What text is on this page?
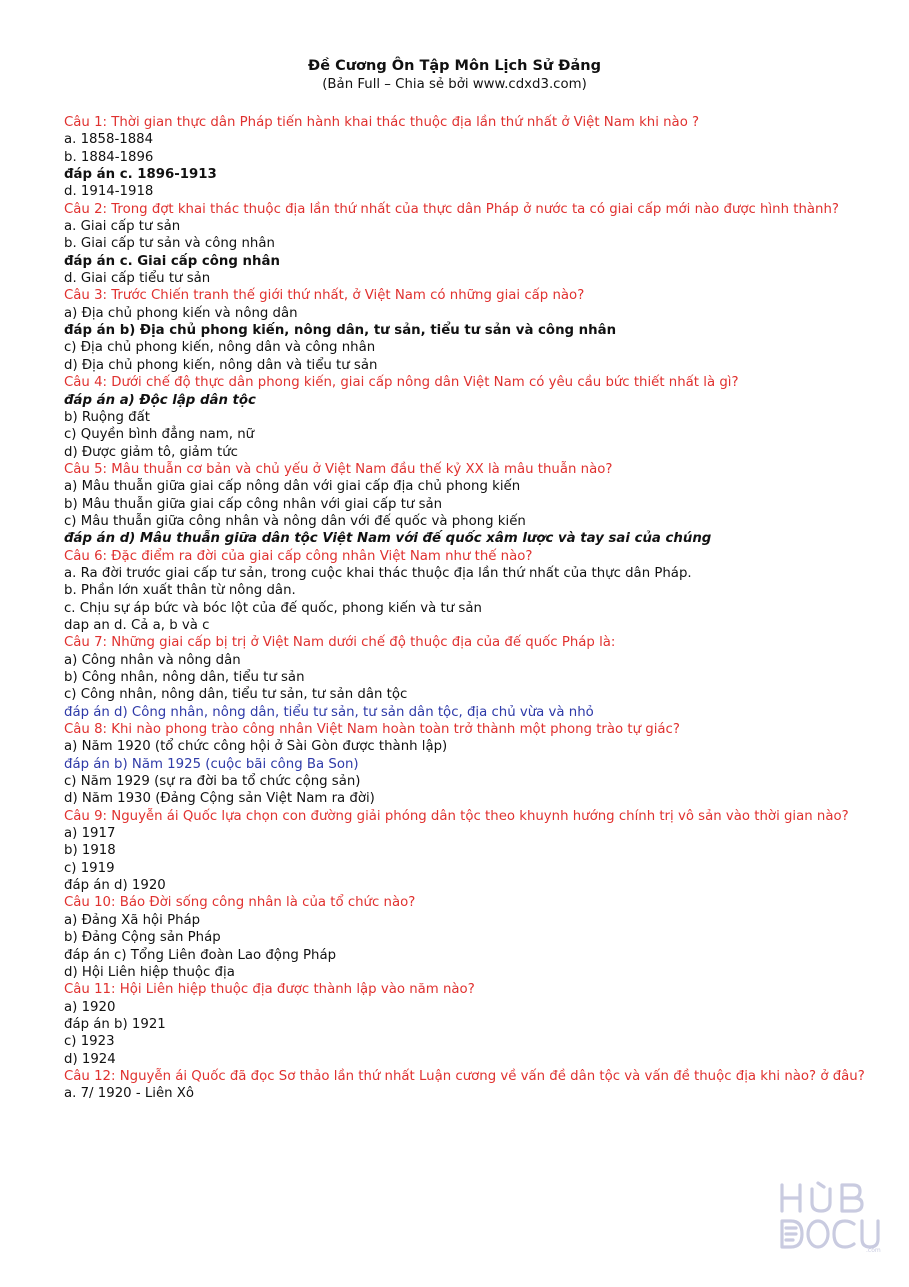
Đề Cương Ôn Tập Môn Lịch Sử Đảng
(Bản Full – Chia sẻ bởi www.cdxd3.com)
Câu 1: Thời gian thực dân Pháp tiến hành khai thác thuộc địa lần thứ nhất ở Việt Nam khi nào ?
a. 1858-1884
b. 1884-1896
đáp án c. 1896-1913
d. 1914-1918
Câu 2: Trong đợt khai thác thuộc địa lần thứ nhất của thực dân Pháp ở nước ta có giai cấp mới nào được hình thành?
a. Giai cấp tư sản
b. Giai cấp tư sản và công nhân
đáp án c. Giai cấp công nhân
d. Giai cấp tiểu tư sản
Câu 3: Trước Chiến tranh thế giới thứ nhất, ở Việt Nam có những giai cấp nào?
a) Địa chủ phong kiến và nông dân
đáp án b) Địa chủ phong kiến, nông dân, tư sản, tiểu tư sản và công nhân
c) Địa chủ phong kiến, nông dân và công nhân
d) Địa chủ phong kiến, nông dân và tiểu tư sản
Câu 4: Dưới chế độ thực dân phong kiến, giai cấp nông dân Việt Nam có yêu cầu bức thiết nhất là gì?
đáp án a) Độc lập dân tộc
b) Ruộng đất
c) Quyền bình đẳng nam, nữ
d) Được giảm tô, giảm tức
Câu 5: Mâu thuẫn cơ bản và chủ yếu ở Việt Nam đầu thế kỷ XX là mâu thuẫn nào?
a) Mâu thuẫn giữa giai cấp nông dân với giai cấp địa chủ phong kiến
b) Mâu thuẫn giữa giai cấp công nhân với giai cấp tư sản
c) Mâu thuẫn giữa công nhân và nông dân với đế quốc và phong kiến
đáp án d) Mâu thuẫn giữa dân tộc Việt Nam với đế quốc xâm lược và tay sai của chúng
Câu 6: Đặc điểm ra đời của giai cấp công nhân Việt Nam như thế nào?
a. Ra đời trước giai cấp tư sản, trong cuộc khai thác thuộc địa lần thứ nhất của thực dân Pháp.
b. Phần lớn xuất thân từ nông dân.
c. Chịu sự áp bức và bóc lột của đế quốc, phong kiến và tư sản
dap an d. Cả a, b và c
Câu 7: Những giai cấp bị trị ở Việt Nam dưới chế độ thuộc địa của đế quốc Pháp là:
a) Công nhân và nông dân
b) Công nhân, nông dân, tiểu tư sản
c) Công nhân, nông dân, tiểu tư sản, tư sản dân tộc
đáp án d) Công nhân, nông dân, tiểu tư sản, tư sản dân tộc, địa chủ vừa và nhỏ
Câu 8: Khi nào phong trào công nhân Việt Nam hoàn toàn trở thành một phong trào tự giác?
a) Năm 1920 (tổ chức công hội ở Sài Gòn được thành lập)
đáp án b) Năm 1925 (cuộc bãi công Ba Son)
c) Năm 1929 (sự ra đời ba tổ chức cộng sản)
d) Năm 1930 (Đảng Cộng sản Việt Nam ra đời)
Câu 9: Nguyễn ái Quốc lựa chọn con đường giải phóng dân tộc theo khuynh hướng chính trị vô sản vào thời gian nào?
a) 1917
b) 1918
c) 1919
đáp án d) 1920
Câu 10: Báo Đời sống công nhân là của tổ chức nào?
a) Đảng Xã hội Pháp
b) Đảng Cộng sản Pháp
đáp án c) Tổng Liên đoàn Lao động Pháp
d) Hội Liên hiệp thuộc địa
Câu 11: Hội Liên hiệp thuộc địa được thành lập vào năm nào?
a) 1920
đáp án b) 1921
c) 1923
d) 1924
Câu 12: Nguyễn ái Quốc đã đọc Sơ thảo lần thứ nhất Luận cương về vấn đề dân tộc và vấn đề thuộc địa khi nào? ở đâu?
a. 7/ 1920 - Liên Xô
.com
